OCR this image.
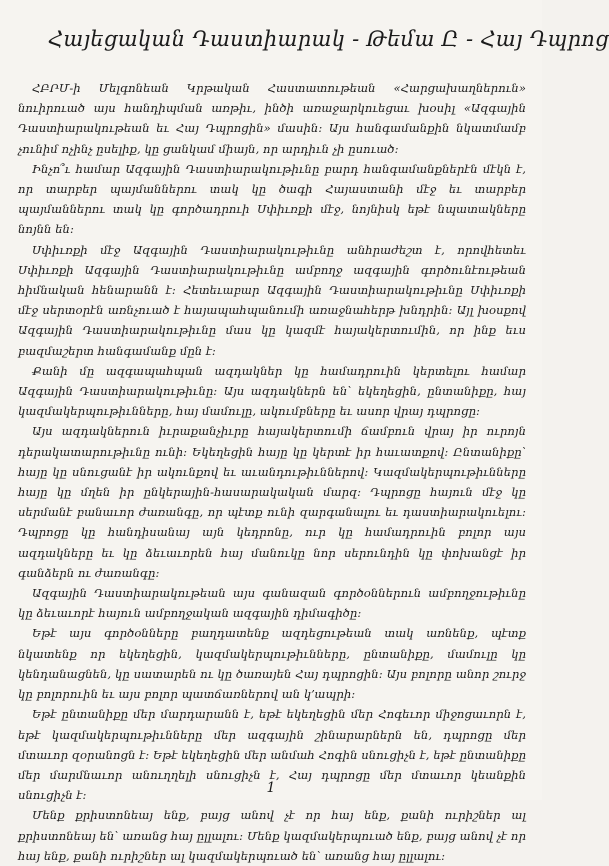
Հայեցական Դաստիարակ - Թեմա Ը - Հայ Դպրոց

ՀԲՐՄ-ի Մելգոնեան Կրթական Հաստատութեան «Հարցախաղներուն» նուիրուած այս հանդիպման առթիւ, ինծի առաջարկուեցաւ խօսիլ «Ազգային Դաստիարակութեան եւ Հայ Դպրոցին» մասին: Այս հանգամանքին նկատմամբ չունիմ ոչինչ ըսելիք, կը ցանկամ միայն, որ արդիւն չի ըսուած:

Ինչո՞ւ համար Ազգային Դաստիարակութիւնը բարդ հանգամանքներէն մէկն է, որ տարբեր պայմաններու տակ կը ծագի Հայաստանի մէջ եւ տարբեր պայմաններու տակ կը գործադրուի Սփիւռքի մէջ, նոյնիսկ եթէ նպատակները նոյնն են:

Սփիւռքի մէջ Ազգային Դաստիարակութիւնը անհրաժեշտ է, որովհետեւ Սփիւռքի Ազգային Դաստիարակութիւնը ամբողջ ազգային գործունէութեան հիմնական հենարանն է: Հետեւաբար Ազգային Դաստիարակութիւնը Սփիւռքի մէջ սերտօրէն առնչուած է հայապահպանումի առաջնահերթ խնդրին: Այլ խօսքով Ազգային Դաստիարակութիւնը մաս կը կազմէ հայակերտումին, որ ինք եւս բազմաշերտ հանգամանք մըն է:

Քանի մը ազգապահպան ազդակներ կը համադրուին կերտելու համար Ազգային Դաստիարակութիւնը: Այս ազդակներն են՝ եկեղեցին, ընտանիքը, հայ կազմակերպութիւնները, հայ մամուլը, ակումբները եւ ասոր վրայ դպրոցը:

Այս ազդակներուն իւրաքանչիւրը հայակերտումի ճամբուն վրայ իր ուրոյն դերակատարութիւնը ունի: Եկեղեցին հայը կը կերտէ իր հաւատքով: Ընտանիքը՝ հայը կը սնուցանէ իր ակունքով եւ աւանդութիւններով: Կազմակերպութիւնները հայը կը մղեն իր ընկերային-հասարակական մարզ: Դպրոցը հայուն մէջ կը սերմանէ բանաւոր ժառանգը, որ պէտք ունի զարգանալու եւ դաստիարակուելու: Դպրոցը կը հանդիսանայ այն կեդրոնը, ուր կը համադրուին բոլոր այս ազդակները եւ կը ձեւաւորեն հայ մանուկը նոր սերունդին կը փոխանցէ իր գանձերն ու ժառանգը:

Ազգային Դաստիարակութեան այս գանազան գործօններուն ամբողջութիւնը կը ձեւաւորէ հայուն ամբողջական ազգային դիմագիծը:

Եթէ այս գործօնները բաղդատենք ազդեցութեան տակ առնենք, պէտք նկատենք որ եկեղեցին, կազմակերպութիւնները, ընտանիքը, մամուլը կը կենդանացնեն, կը սատարեն ու կը ծառայեն Հայ դպրոցին: Այս բոլորը անոր շուրջ կը բոլորուին եւ այս բոլոր պատճառներով ան կ՚ապրի:

Եթէ ընտանիքը մեր մարդարանն է, եթէ եկեղեցին մեր Հոգեւոր միջոցաւորն է, եթէ կազմակերպութիւնները մեր ազգային շինարարներն են, դպրոցը մեր մտաւոր զօրանոցն է: Եթէ եկեղեցին մեր անմահ Հոգին սնուցիչն է, եթէ ընտանիքը մեր մարմնաւոր անուղղելի սնուցիչն է, Հայ դպրոցը մեր մտաւոր կեանքին սնուցիչն է:

Մենք քրիստոնեայ ենք, բայց անով չէ որ հայ ենք, քանի ուրիշներ ալ քրիստոնեայ են՝ առանց հայ ըլլալու: Մենք կազմակերպուած ենք, բայց անով չէ որ հայ ենք, քանի ուրիշներ ալ կազմակերպուած են՝ առանց հայ ըլլալու:

1
